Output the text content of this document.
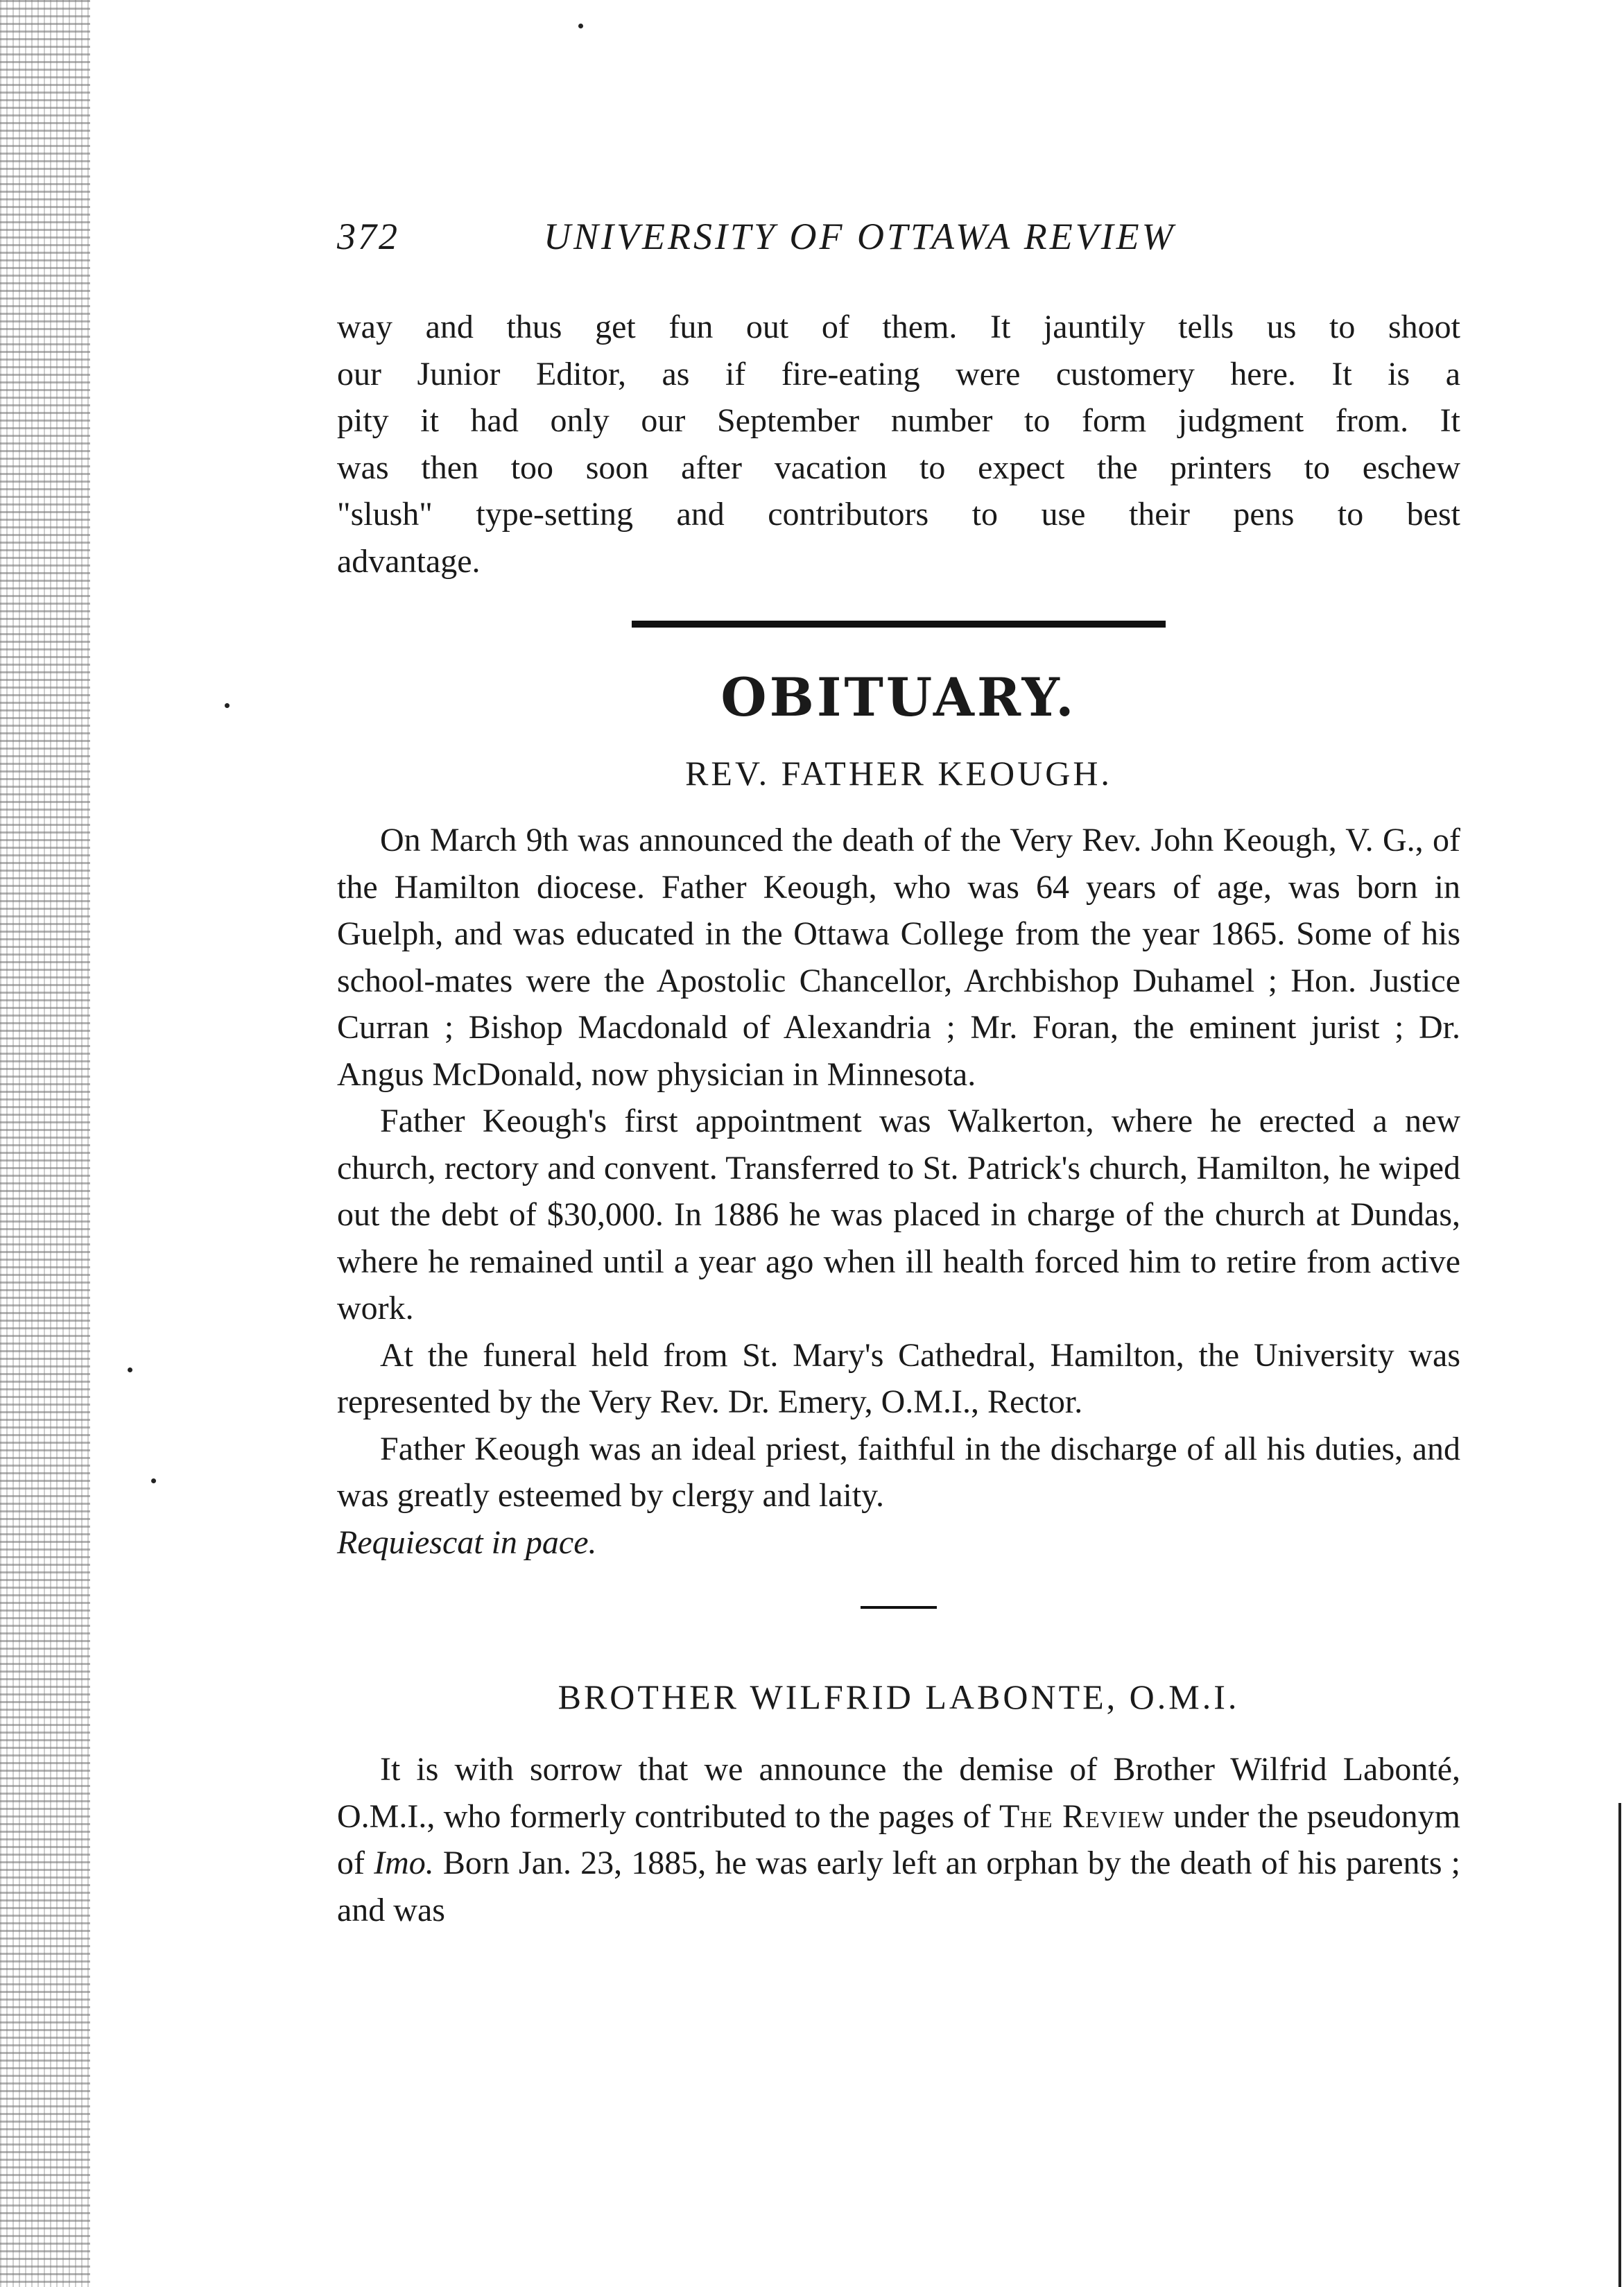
372	UNIVERSITY OF OTTAWA REVIEW
way and thus get fun out of them. It jauntily tells us to shoot
our Junior Editor, as if fire-eating were customery here. It is a
pity it had only our September number to form judgment from. It
was then too soon after vacation to expect the printers to eschew
"slush" type-setting and contributors to use their pens to best
advantage.
OBITUARY.
REV. FATHER KEOUGH.

On March 9th was announced the death of the Very Rev. John Keough, V. G., of the Hamilton diocese. Father Keough, who was 64 years of age, was born in Guelph, and was educated in the Ottawa College from the year 1865. Some of his school-mates were the Apostolic Chancellor, Archbishop Duhamel ; Hon. Justice Curran ; Bishop Macdonald of Alexandria ; Mr. Foran, the eminent jurist ; Dr. Angus McDonald, now physician in Minnesota.

Father Keough's first appointment was Walkerton, where he erected a new church, rectory and convent. Transferred to St. Patrick's church, Hamilton, he wiped out the debt of $30,000. In 1886 he was placed in charge of the church at Dundas, where he remained until a year ago when ill health forced him to retire from active work.

At the funeral held from St. Mary's Cathedral, Hamilton, the University was represented by the Very Rev. Dr. Emery, O.M.I., Rector.

Father Keough was an ideal priest, faithful in the discharge of all his duties, and was greatly esteemed by clergy and laity.

Requiescat in pace.

BROTHER WILFRID LABONTE, O.M.I.

It is with sorrow that we announce the demise of Brother Wilfrid Labonté, O.M.I., who formerly contributed to the pages of The Review under the pseudonym of Imo. Born Jan. 23, 1885, he was early left an orphan by the death of his parents ; and was
